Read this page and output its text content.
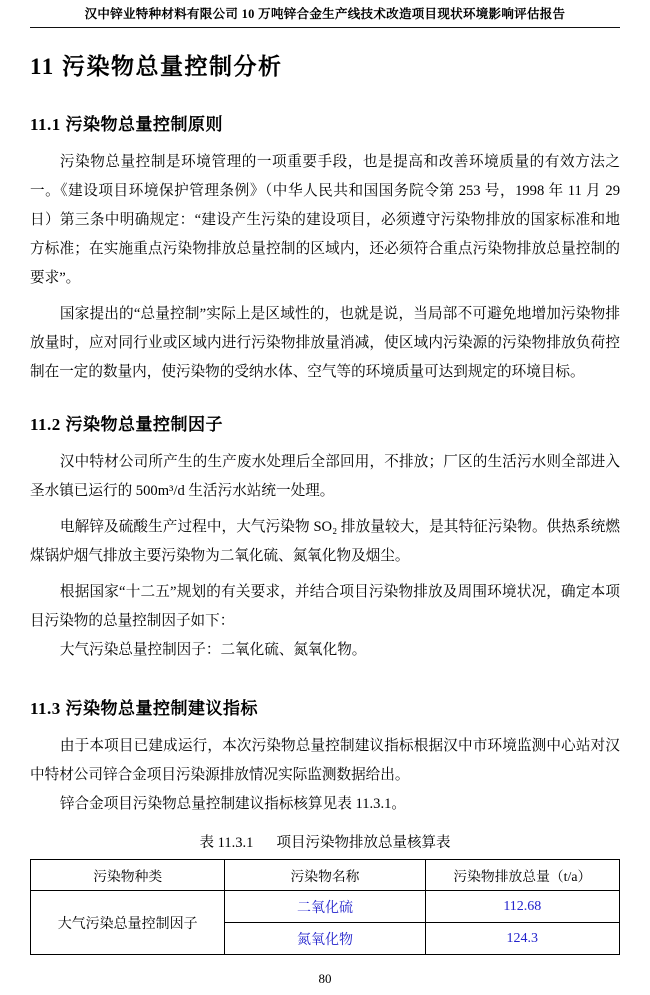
汉中锌业特种材料有限公司 10 万吨锌合金生产线技术改造项目现状环境影响评估报告
11 污染物总量控制分析
11.1 污染物总量控制原则

污染物总量控制是环境管理的一项重要手段，也是提高和改善环境质量的有效方法之一。《建设项目环境保护管理条例》（中华人民共和国国务院令第 253 号，1998 年 11 月 29 日）第三条中明确规定：“建设产生污染的建设项目，必须遵守污染物排放的国家标准和地方标准；在实施重点污染物排放总量控制的区域内，还必须符合重点污染物排放总量控制的要求”。

国家提出的“总量控制”实际上是区域性的，也就是说，当局部不可避免地增加污染物排放量时，应对同行业或区域内进行污染物排放量消减，使区域内污染源的污染物排放负荷控制在一定的数量内，使污染物的受纳水体、空气等的环境质量可达到规定的环境目标。

11.2 污染物总量控制因子

汉中特材公司所产生的生产废水处理后全部回用，不排放；厂区的生活污水则全部进入圣水镇已运行的 500m³/d 生活污水站统一处理。

电解锌及硫酸生产过程中，大气污染物 SO₂ 排放量较大，是其特征污染物。供热系统燃煤锅炉烟气排放主要污染物为二氧化硫、氮氧化物及烟尘。

根据国家“十二五”规划的有关要求，并结合项目污染物排放及周围环境状况，确定本项目污染物的总量控制因子如下：

大气污染总量控制因子：二氧化硫、氮氧化物。

11.3 污染物总量控制建议指标

由于本项目已建成运行，本次污染物总量控制建议指标根据汉中市环境监测中心站对汉中特材公司锌合金项目污染源排放情况实际监测数据给出。

锌合金项目污染物总量控制建议指标核算见表 11.3.1。

表 11.3.1 项目污染物排放总量核算表
污染物种类	污染物名称	污染物排放总量（t/a）
大气污染总量控制因子	二氧化硫	112.68
	氮氧化物	124.3
80
